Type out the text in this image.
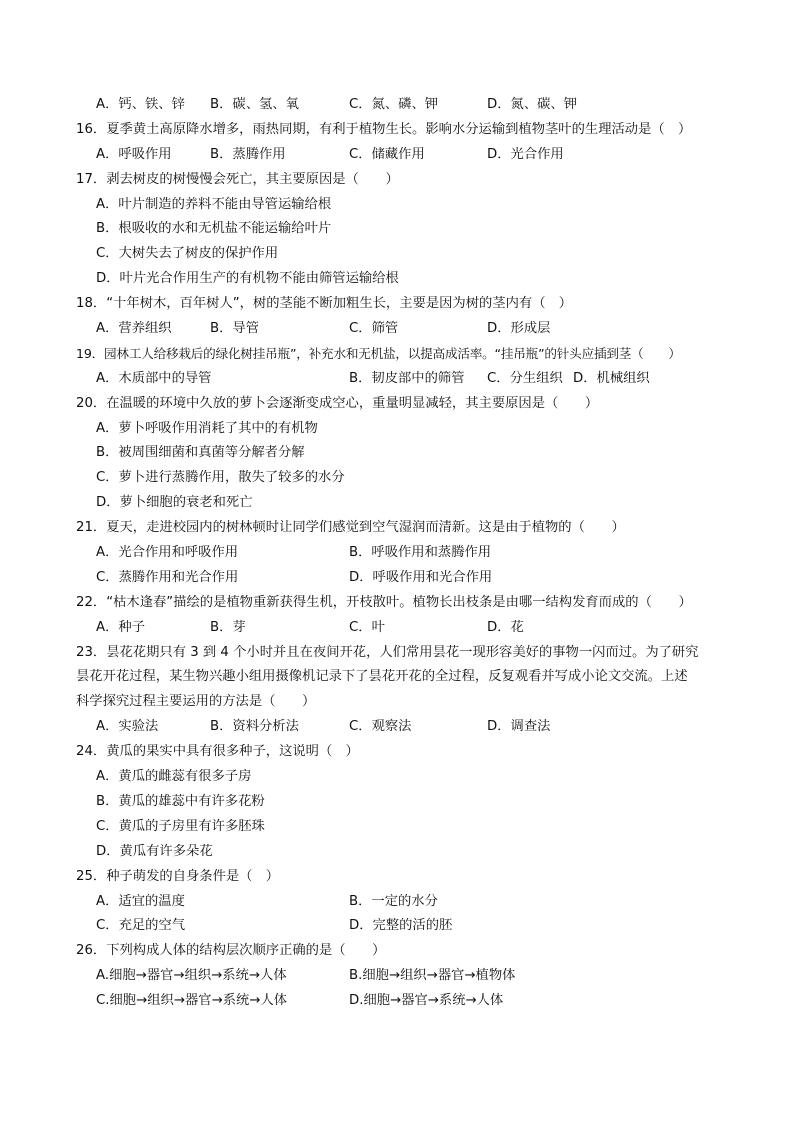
A．钙、铁、锌 B．碳、氢、氧	C．氮、磷、钾	D．氮、碳、钾
16．夏季黄土高原降水增多，雨热同期，有利于植物生长。影响水分运输到植物茎叶的生理活动是（　）
A．呼吸作用	B．蒸腾作用	C．储藏作用	D．光合作用
17．剥去树皮的树慢慢会死亡，其主要原因是（　　）
A．叶片制造的养料不能由导管运输给根
B．根吸收的水和无机盐不能运输给叶片
C．大树失去了树皮的保护作用
D．叶片光合作用生产的有机物不能由筛管运输给根
18．“十年树木，百年树人”，树的茎能不断加粗生长，主要是因为树的茎内有（　）
A．营养组织	B．导管	C．筛管	D．形成层
19．园林工人给移栽后的绿化树挂吊瓶”，补充水和无机盐，以提高成活率。“挂吊瓶”的针头应插到茎（　　）
A．木质部中的导管	B．韧皮部中的筛管 C．分生组织 D．机械组织
20．在温暖的环境中久放的萝卜会逐渐变成空心，重量明显减轻，其主要原因是（　　）
A．萝卜呼吸作用消耗了其中的有机物
B．被周围细菌和真菌等分解者分解
C．萝卜进行蒸腾作用，散失了较多的水分
D．萝卜细胞的衰老和死亡
21．夏天，走进校园内的树林顿时让同学们感觉到空气湿润而清新。这是由于植物的（　　）
A．光合作用和呼吸作用	B．呼吸作用和蒸腾作用
C．蒸腾作用和光合作用	D．呼吸作用和光合作用
22．“枯木逢春”描绘的是植物重新获得生机，开枝散叶。植物长出枝条是由哪一结构发育而成的（　　）
A．种子	B．芽	C．叶	D．花
23．昙花花期只有 3 到 4 个小时并且在夜间开花，人们常用昙花一现形容美好的事物一闪而过。为了研究
昙花开花过程，某生物兴趣小组用摄像机记录下了昙花开花的全过程，反复观看并写成小论文交流。上述
科学探究过程主要运用的方法是（　　）
A．实验法	B．资料分析法	C．观察法	D．调查法
24．黄瓜的果实中具有很多种子，这说明（　）
A．黄瓜的雌蕊有很多子房
B．黄瓜的雄蕊中有许多花粉
C．黄瓜的子房里有许多胚珠
D．黄瓜有许多朵花
25．种子萌发的自身条件是（　）
A．适宜的温度	B．一定的水分
C．充足的空气	D．完整的活的胚
26．下列构成人体的结构层次顺序正确的是（　　）
A.细胞→器官→组织→系统→人体	B.细胞→组织→器官→植物体
C.细胞→组织→器官→系统→人体	D.细胞→器官→系统→人体
